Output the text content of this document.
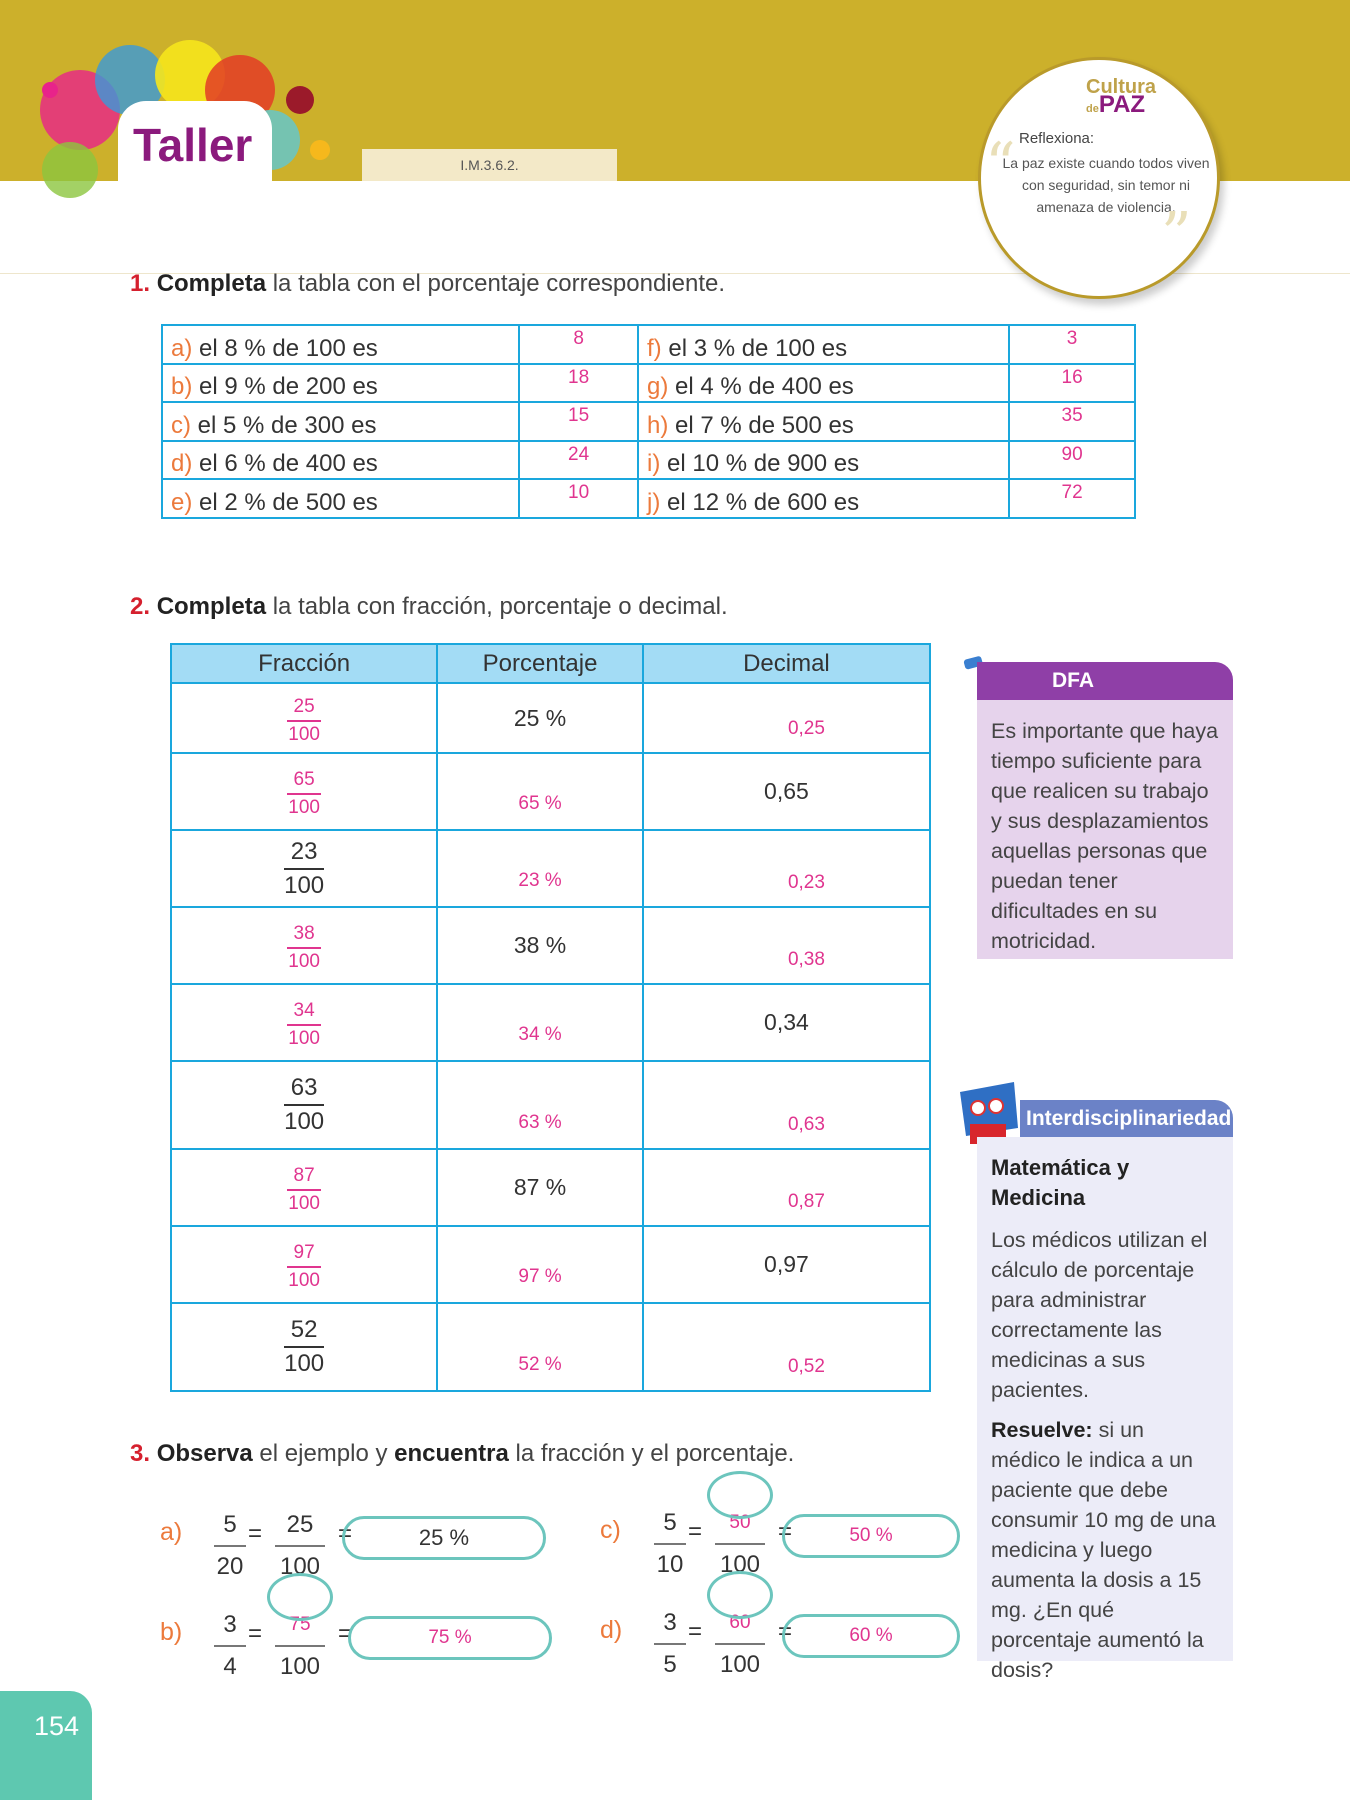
Taller	I.M.3.6.2.
Cultura
dePAZ
Reflexiona:
“
La paz existe cuando todos viven con seguridad, sin temor ni amenaza de violencia.
”
1. Completa la tabla con el porcentaje correspondiente.
a) el 8 % de 100 es	8	f) el 3 % de 100 es	3
b) el 9 % de 200 es	18	g) el 4 % de 400 es	16
c) el 5 % de 300 es	15	h) el 7 % de 500 es	35
d) el 6 % de 400 es	24	i) el 10 % de 900 es	90
e) el 2 % de 500 es	10	j) el 12 % de 600 es	72
2. Completa la tabla con fracción, porcentaje o decimal.
Fracción	Porcentaje	Decimal

$\frac{25}{100}$	25 %	0,25

$\frac{65}{100}$	65 %	0,65

$\frac{23}{100}$	23 %	0,23

$\frac{38}{100}$	38 %	0,38

$\frac{34}{100}$	34 %	0,34

$\frac{63}{100}$	63 %	0,63

$\frac{87}{100}$	87 %	0,87

$\frac{97}{100}$	97 %	0,97

$\frac{52}{100}$	52 %	0,52
3. Observa el ejemplo y encuentra la fracción y el porcentaje.
a)	5
20
=	25
100
=	25 %
b)	3
4
=	75
100
=	75 %
c)	5
10
=	50
100
=	50 %
d)	3
5
=	60
100
=	60 %
DFA
Es importante que haya tiempo suficiente para que realicen su trabajo y sus desplazamientos aquellas personas que puedan tener dificultades en su motricidad.
Interdisciplinariedad
Matemática y Medicina

Los médicos utilizan el cálculo de porcentaje para administrar correctamente las medicinas a sus pacientes.

Resuelve: si un médico le indica a un paciente que debe consumir 10 mg de una medicina y luego aumenta la dosis a 15 mg. ¿En qué porcentaje aumentó la dosis?

154
